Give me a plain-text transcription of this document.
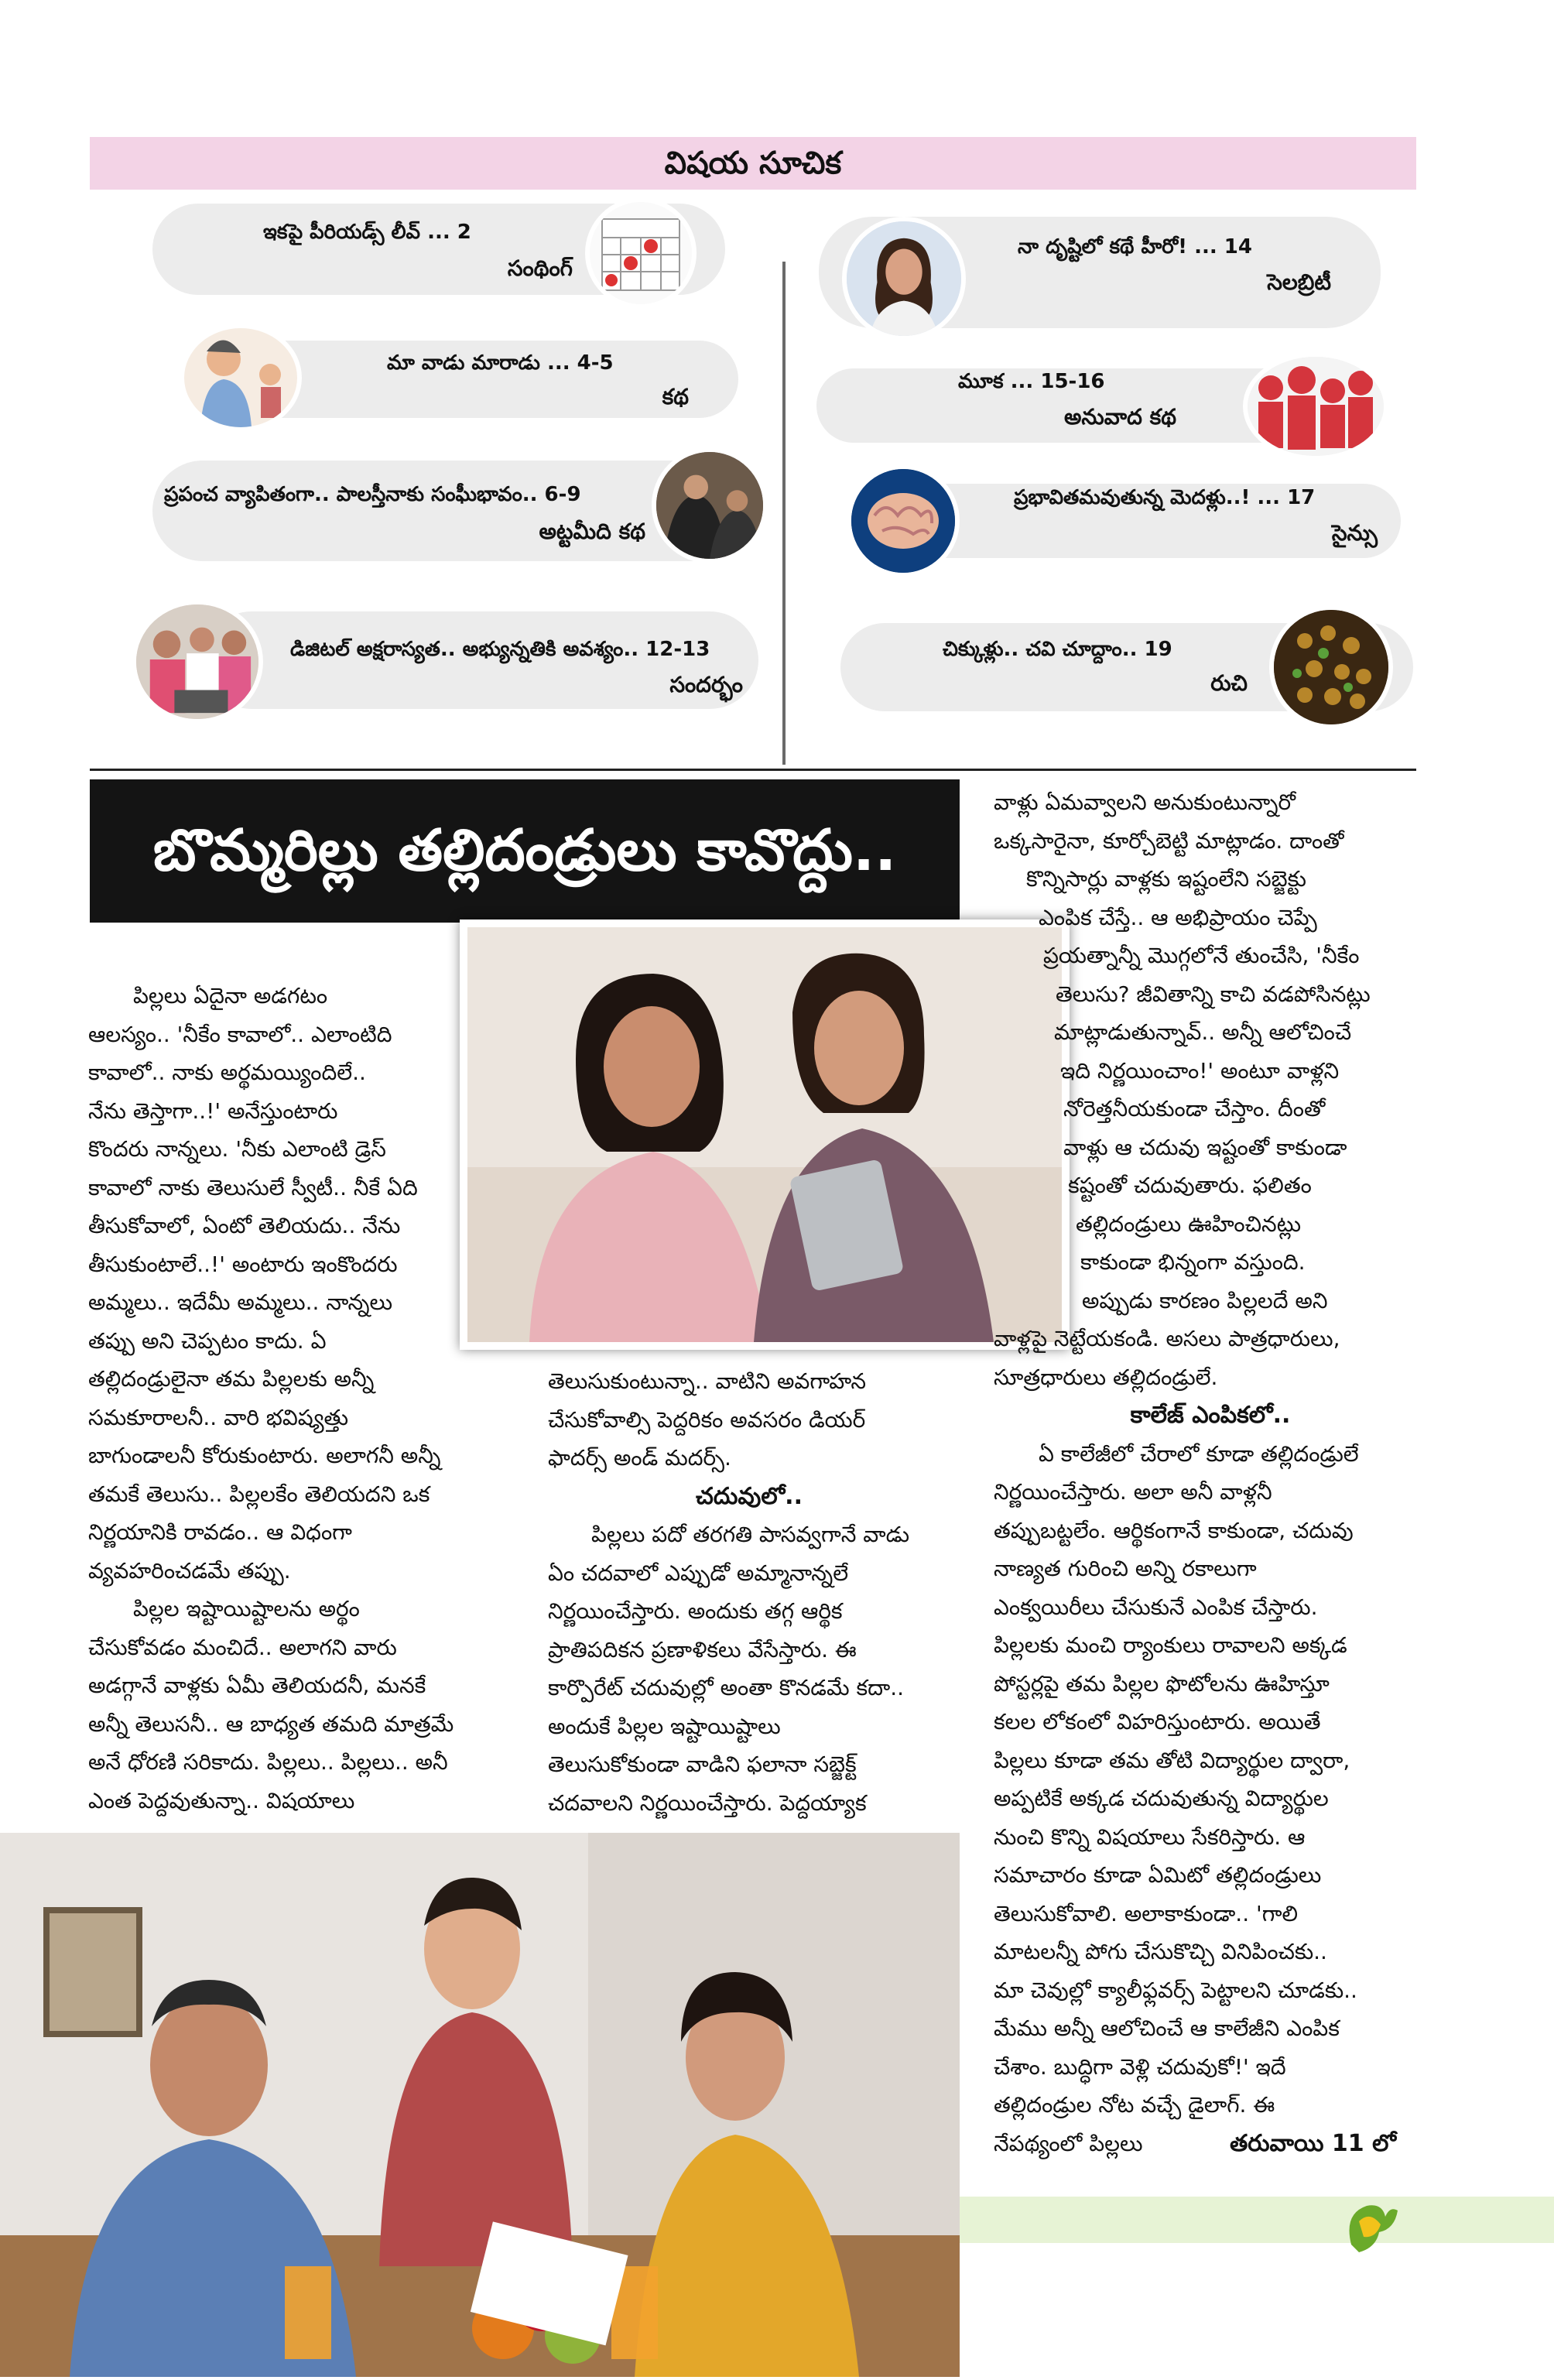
విషయ సూచిక
ఇకపై పీరియడ్స్ లీవ్ ... 2
సంథింగ్
మా వాడు మారాడు ... 4-5
కథ
ప్రపంచ వ్యాపితంగా.. పాలస్తీనాకు సంఘీభావం.. 6-9
అట్టమీది కథ
డిజిటల్ అక్షరాస్యత.. అభ్యున్నతికి అవశ్యం.. 12-13
సందర్భం
నా దృష్టిలో కథే హీరో! ... 14
సెలబ్రిటీ
మూక ... 15-16
అనువాద కథ
ప్రభావితమవుతున్న మెదళ్లు..! ... 17
సైన్సు
చిక్కుళ్లు.. చవి చూద్దాం.. 19
రుచి
బొమ్మరిల్లు తల్లిదండ్రులు కావొద్దు..
పిల్లలు ఏదైనా అడగటం
ఆలస్యం.. 'నీకేం కావాలో.. ఎలాంటిది
కావాలో.. నాకు అర్థమయ్యిందిలే..
నేను తెస్తాగా..!' అనేస్తుంటారు
కొందరు నాన్నలు. 'నీకు ఎలాంటి డ్రెస్
కావాలో నాకు తెలుసులే స్వీటీ.. నీకే ఏది
తీసుకోవాలో, ఏంటో తెలియదు.. నేను
తీసుకుంటాలే..!' అంటారు ఇంకొందరు
అమ్మలు.. ఇదేమీ అమ్మలు.. నాన్నలు
తప్పు అని చెప్పటం కాదు. ఏ
తల్లిదండ్రులైనా తమ పిల్లలకు అన్నీ
సమకూరాలనీ.. వారి భవిష్యత్తు
బాగుండాలనీ కోరుకుంటారు. అలాగనీ అన్నీ
తమకే తెలుసు.. పిల్లలకేం తెలియదని ఒక
నిర్ణయానికి రావడం.. ఆ విధంగా
వ్యవహరించడమే తప్పు.
పిల్లల ఇష్టాయిష్టాలను అర్థం
చేసుకోవడం మంచిదే.. అలాగని వారు
అడగ్గానే వాళ్లకు ఏమీ తెలియదనీ, మనకే
అన్నీ తెలుసనీ.. ఆ బాధ్యత తమది మాత్రమే
అనే ధోరణి సరికాదు. పిల్లలు.. పిల్లలు.. అనీ
ఎంత పెద్దవుతున్నా.. విషయాలు
తెలుసుకుంటున్నా.. వాటిని అవగాహన
చేసుకోవాల్సి పెద్దరికం అవసరం డియర్
ఫాదర్స్ అండ్ మదర్స్.
చదువులో..
పిల్లలు పదో తరగతి పాసవ్వగానే వాడు
ఏం చదవాలో ఎప్పుడో అమ్మానాన్నలే
నిర్ణయించేస్తారు. అందుకు తగ్గ ఆర్థిక
ప్రాతిపదికన ప్రణాళికలు వేసేస్తారు. ఈ
కార్పొరేట్ చదువుల్లో అంతా కొనడమే కదా..
అందుకే పిల్లల ఇష్టాయిష్టాలు
తెలుసుకోకుండా వాడిని ఫలానా సబ్జెక్ట్
చదవాలని నిర్ణయించేస్తారు. పెద్దయ్యాక
వాళ్లు ఏమవ్వాలని అనుకుంటున్నారో
ఒక్కసారైనా, కూర్చోబెట్టి మాట్లాడం. దాంతో
కొన్నిసార్లు వాళ్లకు ఇష్టంలేని సబ్జెక్టు
ఎంపిక చేస్తే.. ఆ అభిప్రాయం చెప్పే
ప్రయత్నాన్నీ మొగ్గలోనే తుంచేసి, 'నీకేం
తెలుసు? జీవితాన్ని కాచి వడపోసినట్లు
మాట్లాడుతున్నావ్.. అన్నీ ఆలోచించే
ఇది నిర్ణయించాం!' అంటూ వాళ్లని
నోరెత్తనీయకుండా చేస్తాం. దీంతో
వాళ్లు ఆ చదువు ఇష్టంతో కాకుండా
కష్టంతో చదువుతారు. ఫలితం
తల్లిదండ్రులు ఊహించినట్లు
కాకుండా భిన్నంగా వస్తుంది.
అప్పుడు కారణం పిల్లలదే అని
వాళ్లపై నెట్టేయకండి. అసలు పాత్రధారులు,
సూత్రధారులు తల్లిదండ్రులే.
కాలేజ్ ఎంపికలో..
ఏ కాలేజీలో చేరాలో కూడా తల్లిదండ్రులే
నిర్ణయించేస్తారు. అలా అనీ వాళ్లనీ
తప్పుబట్టలేం. ఆర్థికంగానే కాకుండా, చదువు
నాణ్యత గురించి అన్ని రకాలుగా
ఎంక్వయిరీలు చేసుకునే ఎంపిక చేస్తారు.
పిల్లలకు మంచి ర్యాంకులు రావాలని అక్కడ
పోస్టర్లపై తమ పిల్లల ఫొటోలను ఊహిస్తూ
కలల లోకంలో విహరిస్తుంటారు. అయితే
పిల్లలు కూడా తమ తోటి విద్యార్థుల ద్వారా,
అప్పటికే అక్కడ చదువుతున్న విద్యార్థుల
నుంచి కొన్ని విషయాలు సేకరిస్తారు. ఆ
సమాచారం కూడా ఏమిటో తల్లిదండ్రులు
తెలుసుకోవాలి. అలాకాకుండా.. 'గాలి
మాటలన్నీ పోగు చేసుకొచ్చి వినిపించకు..
మా చెవుల్లో క్యాలీఫ్లవర్స్ పెట్టాలని చూడకు..
మేము అన్నీ ఆలోచించే ఆ కాలేజీని ఎంపిక
చేశాం. బుద్ధిగా వెళ్లి చదువుకో!' ఇదే
తల్లిదండ్రుల నోట వచ్చే డైలాగ్. ఈ
నేపథ్యంలో పిల్లలు	తరువాయి 11 లో
